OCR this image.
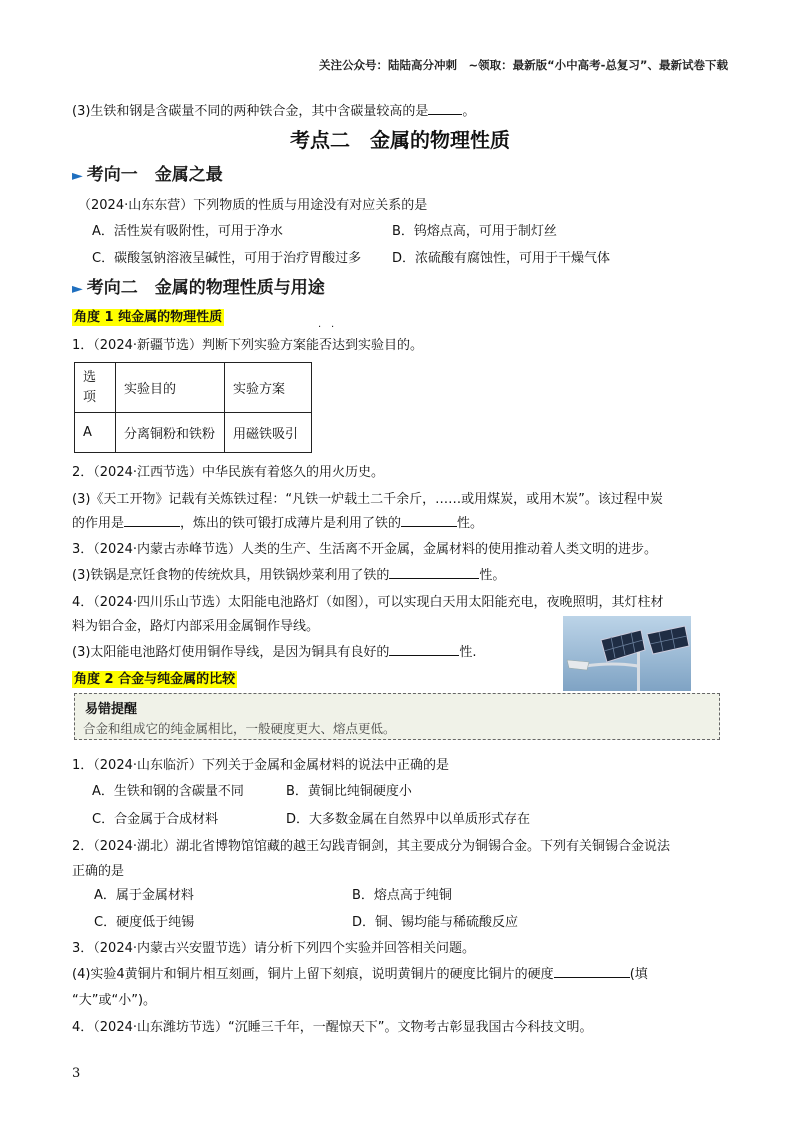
关注公众号：陆陆高分冲刺　~领取：最新版“小中高考-总复习”、最新试卷下载
(3)生铁和钢是含碳量不同的两种铁合金，其中含碳量较高的是	。
考点二　金属的物理性质
► 考向一　金属之最
（2024·山东东营）下列物质的性质与用途没有对应关系的是
A．活性炭有吸附性，可用于净水	B．钨熔点高，可用于制灯丝
C．碳酸氢钠溶液呈碱性，可用于治疗胃酸过多 D．浓硫酸有腐蚀性，可用于干燥气体
► 考向二　金属的物理性质与用途
角度 1 纯金属的物理性质
1．（2024·新疆节选）判断下列实验方案能否达到实验目的。
· ·
选项	实验目的	实验方案
A	分离铜粉和铁粉	用磁铁吸引
2．（2024·江西节选）中华民族有着悠久的用火历史。
(3)《天工开物》记载有关炼铁过程：“凡铁一炉载土二千余斤，……或用煤炭，或用木炭”。该过程中炭
的作用是	，炼出的铁可锻打成薄片是利用了铁的	性。
3．（2024·内蒙古赤峰节选）人类的生产、生活离不开金属，金属材料的使用推动着人类文明的进步。
(3)铁锅是烹饪食物的传统炊具，用铁锅炒菜利用了铁的	性。
4．（2024·四川乐山节选）太阳能电池路灯（如图），可以实现白天用太阳能充电，夜晚照明，其灯柱材
料为铝合金，路灯内部采用金属铜作导线。
(3)太阳能电池路灯使用铜作导线，是因为铜具有良好的	性.
角度 2 合金与纯金属的比较
易错提醒
合金和组成它的纯金属相比，一般硬度更大、熔点更低。
1．（2024·山东临沂）下列关于金属和金属材料的说法中正确的是
A．生铁和钢的含碳量不同	B．黄铜比纯铜硬度小
C．合金属于合成材料	D．大多数金属在自然界中以单质形式存在
2．（2024·湖北）湖北省博物馆馆藏的越王勾践青铜剑，其主要成分为铜锡合金。下列有关铜锡合金说法
正确的是
A．属于金属材料	B．熔点高于纯铜
C．硬度低于纯锡	D．铜、锡均能与稀硫酸反应
3．（2024·内蒙古兴安盟节选）请分析下列四个实验并回答相关问题。
(4)实验4黄铜片和铜片相互刻画，铜片上留下刻痕，说明黄铜片的硬度比铜片的硬度	(填
“大”或“小”)。
4．（2024·山东潍坊节选）“沉睡三千年，一醒惊天下”。文物考古彰显我国古今科技文明。
3
